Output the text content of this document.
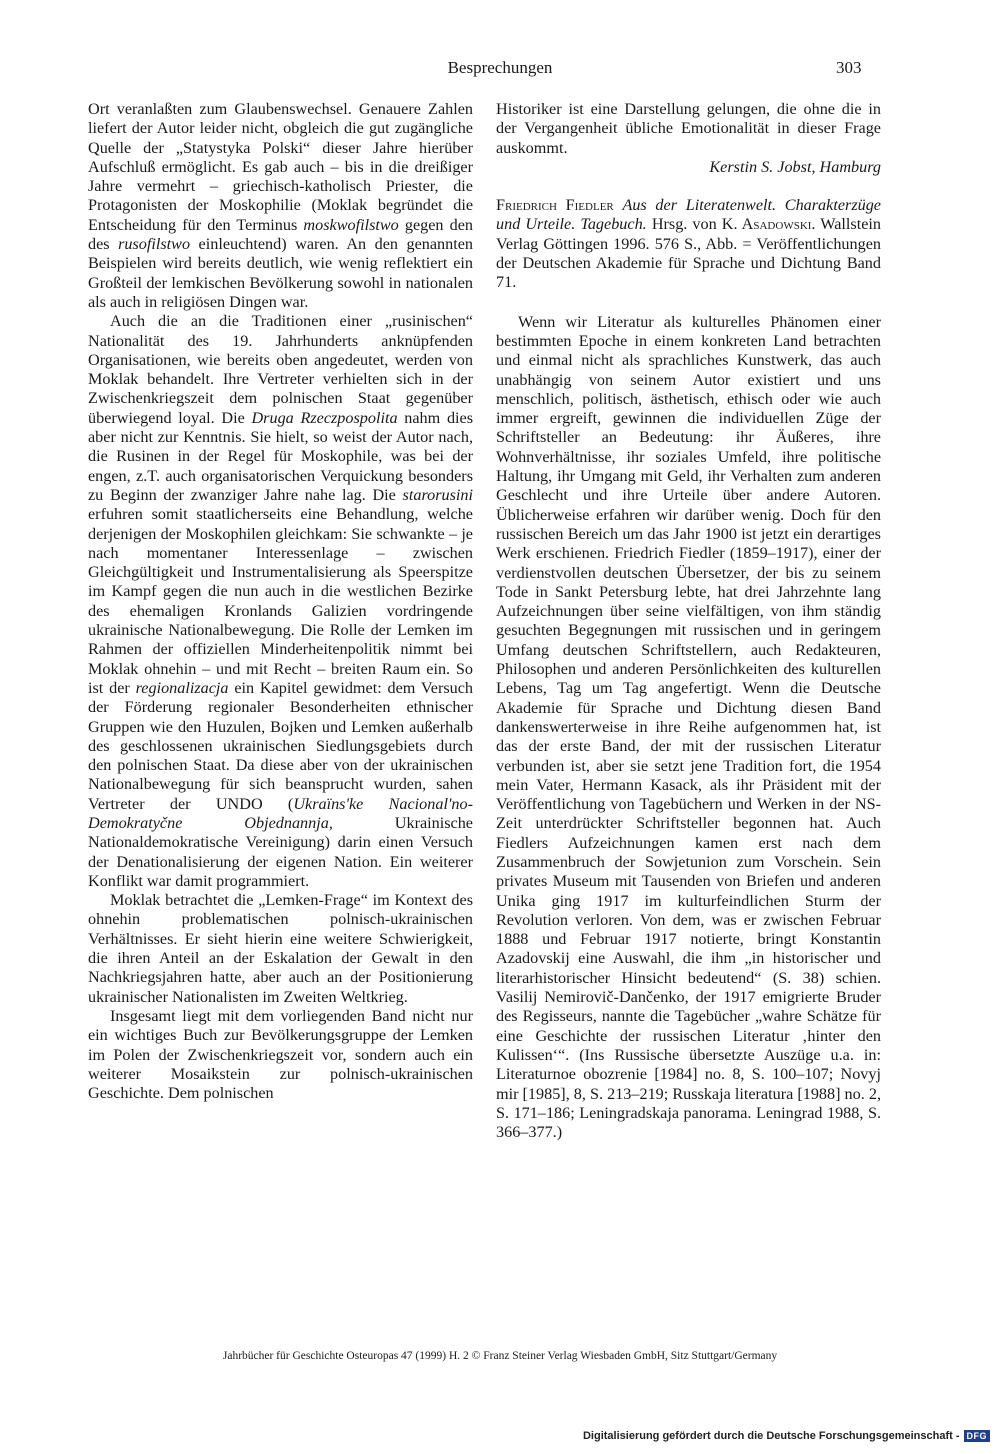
Besprechungen	303

Ort veranlaßten zum Glaubenswechsel. Genauere Zahlen liefert der Autor leider nicht, obgleich die gut zugängliche Quelle der „Statystyka Polski“ dieser Jahre hierüber Aufschluß ermöglicht. Es gab auch – bis in die dreißiger Jahre vermehrt – griechisch-katholisch Priester, die Protagonisten der Moskophilie (Moklak begründet die Entscheidung für den Terminus moskwofilstwo gegen den des rusofilstwo einleuchtend) waren. An den genannten Beispielen wird bereits deutlich, wie wenig reflektiert ein Großteil der lemkischen Bevölkerung sowohl in nationalen als auch in religiösen Dingen war.

Auch die an die Traditionen einer „rusinischen“ Nationalität des 19. Jahrhunderts anknüpfenden Organisationen, wie bereits oben angedeutet, werden von Moklak behandelt. Ihre Vertreter verhielten sich in der Zwischenkriegszeit dem polnischen Staat gegenüber überwiegend loyal. Die Druga Rzeczpospolita nahm dies aber nicht zur Kenntnis. Sie hielt, so weist der Autor nach, die Rusinen in der Regel für Moskophile, was bei der engen, z.T. auch organisatorischen Verquickung besonders zu Beginn der zwanziger Jahre nahe lag. Die starorusini erfuhren somit staatlicherseits eine Behandlung, welche derjenigen der Moskophilen gleichkam: Sie schwankte – je nach momentaner Interessenlage – zwischen Gleichgültigkeit und Instrumentalisierung als Speerspitze im Kampf gegen die nun auch in die westlichen Bezirke des ehemaligen Kronlands Galizien vordringende ukrainische Nationalbewegung. Die Rolle der Lemken im Rahmen der offiziellen Minderheitenpolitik nimmt bei Moklak ohnehin – und mit Recht – breiten Raum ein. So ist der regionalizacja ein Kapitel gewidmet: dem Versuch der Förderung regionaler Besonderheiten ethnischer Gruppen wie den Huzulen, Bojken und Lemken außerhalb des geschlossenen ukrainischen Siedlungsgebiets durch den polnischen Staat. Da diese aber von der ukrainischen Nationalbewegung für sich beansprucht wurden, sahen Vertreter der UNDO (Ukraïns'ke Nacional'no-Demokratyčne Objednannja,	Ukrainische Nationaldemokratische Vereinigung) darin einen Versuch der Denationalisierung der eigenen Nation. Ein weiterer Konflikt war damit programmiert.

Moklak betrachtet die „Lemken-Frage“ im Kontext des ohnehin problematischen polnisch-ukrainischen Verhältnisses. Er sieht hierin eine weitere Schwierigkeit, die ihren Anteil an der Eskalation der Gewalt in den Nachkriegsjahren hatte, aber auch an der Positionierung ukrainischer Nationalisten im Zweiten Weltkrieg.

Insgesamt liegt mit dem vorliegenden Band nicht nur ein wichtiges Buch zur Bevölkerungsgruppe der Lemken im Polen der Zwischenkriegszeit vor, sondern auch ein weiterer Mosaikstein zur polnisch-ukrainischen Geschichte. Dem polnischen

Historiker ist eine Darstellung gelungen, die ohne die in der Vergangenheit übliche Emotionalität in dieser Frage auskommt.

Kerstin S. Jobst, Hamburg

Friedrich Fiedler Aus der Literatenwelt. Charakterzüge und Urteile. Tagebuch. Hrsg. von K. Asadowski. Wallstein Verlag Göttingen 1996. 576 S., Abb. = Veröffentlichungen der Deutschen Akademie für Sprache und Dichtung Band 71.

Wenn wir Literatur als kulturelles Phänomen einer bestimmten Epoche in einem konkreten Land betrachten und einmal nicht als sprachliches Kunstwerk, das auch unabhängig von seinem Autor existiert und uns menschlich, politisch, ästhetisch, ethisch oder wie auch immer ergreift, gewinnen die individuellen Züge der Schriftsteller an Bedeutung: ihr Äußeres, ihre Wohnverhältnisse, ihr soziales Umfeld, ihre politische Haltung, ihr Umgang mit Geld, ihr Verhalten zum anderen Geschlecht und ihre Urteile über andere Autoren. Üblicherweise erfahren wir darüber wenig. Doch für den russischen Bereich um das Jahr 1900 ist jetzt ein derartiges Werk erschienen. Friedrich Fiedler (1859–1917), einer der verdienstvollen deutschen Übersetzer, der bis zu seinem Tode in Sankt Petersburg lebte, hat drei Jahrzehnte lang Aufzeichnungen über seine vielfältigen, von ihm ständig gesuchten Begegnungen mit russischen und in geringem Umfang deutschen Schriftstellern, auch Redakteuren, Philosophen und anderen Persönlichkeiten des kulturellen Lebens, Tag um Tag angefertigt. Wenn die Deutsche Akademie für Sprache und Dichtung diesen Band dankenswerterweise in ihre Reihe aufgenommen hat, ist das der erste Band, der mit der russischen Literatur verbunden ist, aber sie setzt jene Tradition fort, die 1954 mein Vater, Hermann Kasack, als ihr Präsident mit der Veröffentlichung von Tagebüchern und Werken in der NS-Zeit unterdrückter Schriftsteller begonnen hat. Auch Fiedlers Aufzeichnungen kamen erst nach dem Zusammenbruch der Sowjetunion zum Vorschein. Sein privates Museum mit Tausenden von Briefen und anderen Unika ging 1917 im kulturfeindlichen Sturm der Revolution verloren. Von dem, was er zwischen Februar 1888 und Februar 1917 notierte, bringt Konstantin Azadovskij eine Auswahl, die ihm „in historischer und literarhistorischer Hinsicht bedeutend“ (S. 38) schien. Vasilij Nemirovič-Dančenko, der 1917 emigrierte Bruder des Regisseurs, nannte die Tagebücher „wahre Schätze für eine Geschichte der russischen Literatur ‚hinter den Kulissen‘“. (Ins Russische übersetzte Auszüge u.a. in: Literaturnoe obozrenie [1984] no. 8, S. 100–107; Novyj mir [1985], 8, S. 213–219; Russkaja literatura [1988] no. 2, S. 171–186; Leningradskaja panorama. Leningrad 1988, S. 366–377.)

Jahrbücher für Geschichte Osteuropas 47 (1999) H. 2 © Franz Steiner Verlag Wiesbaden GmbH, Sitz Stuttgart/Germany
Digitalisierung gefördert durch die Deutsche Forschungsgemeinschaft - DFG
